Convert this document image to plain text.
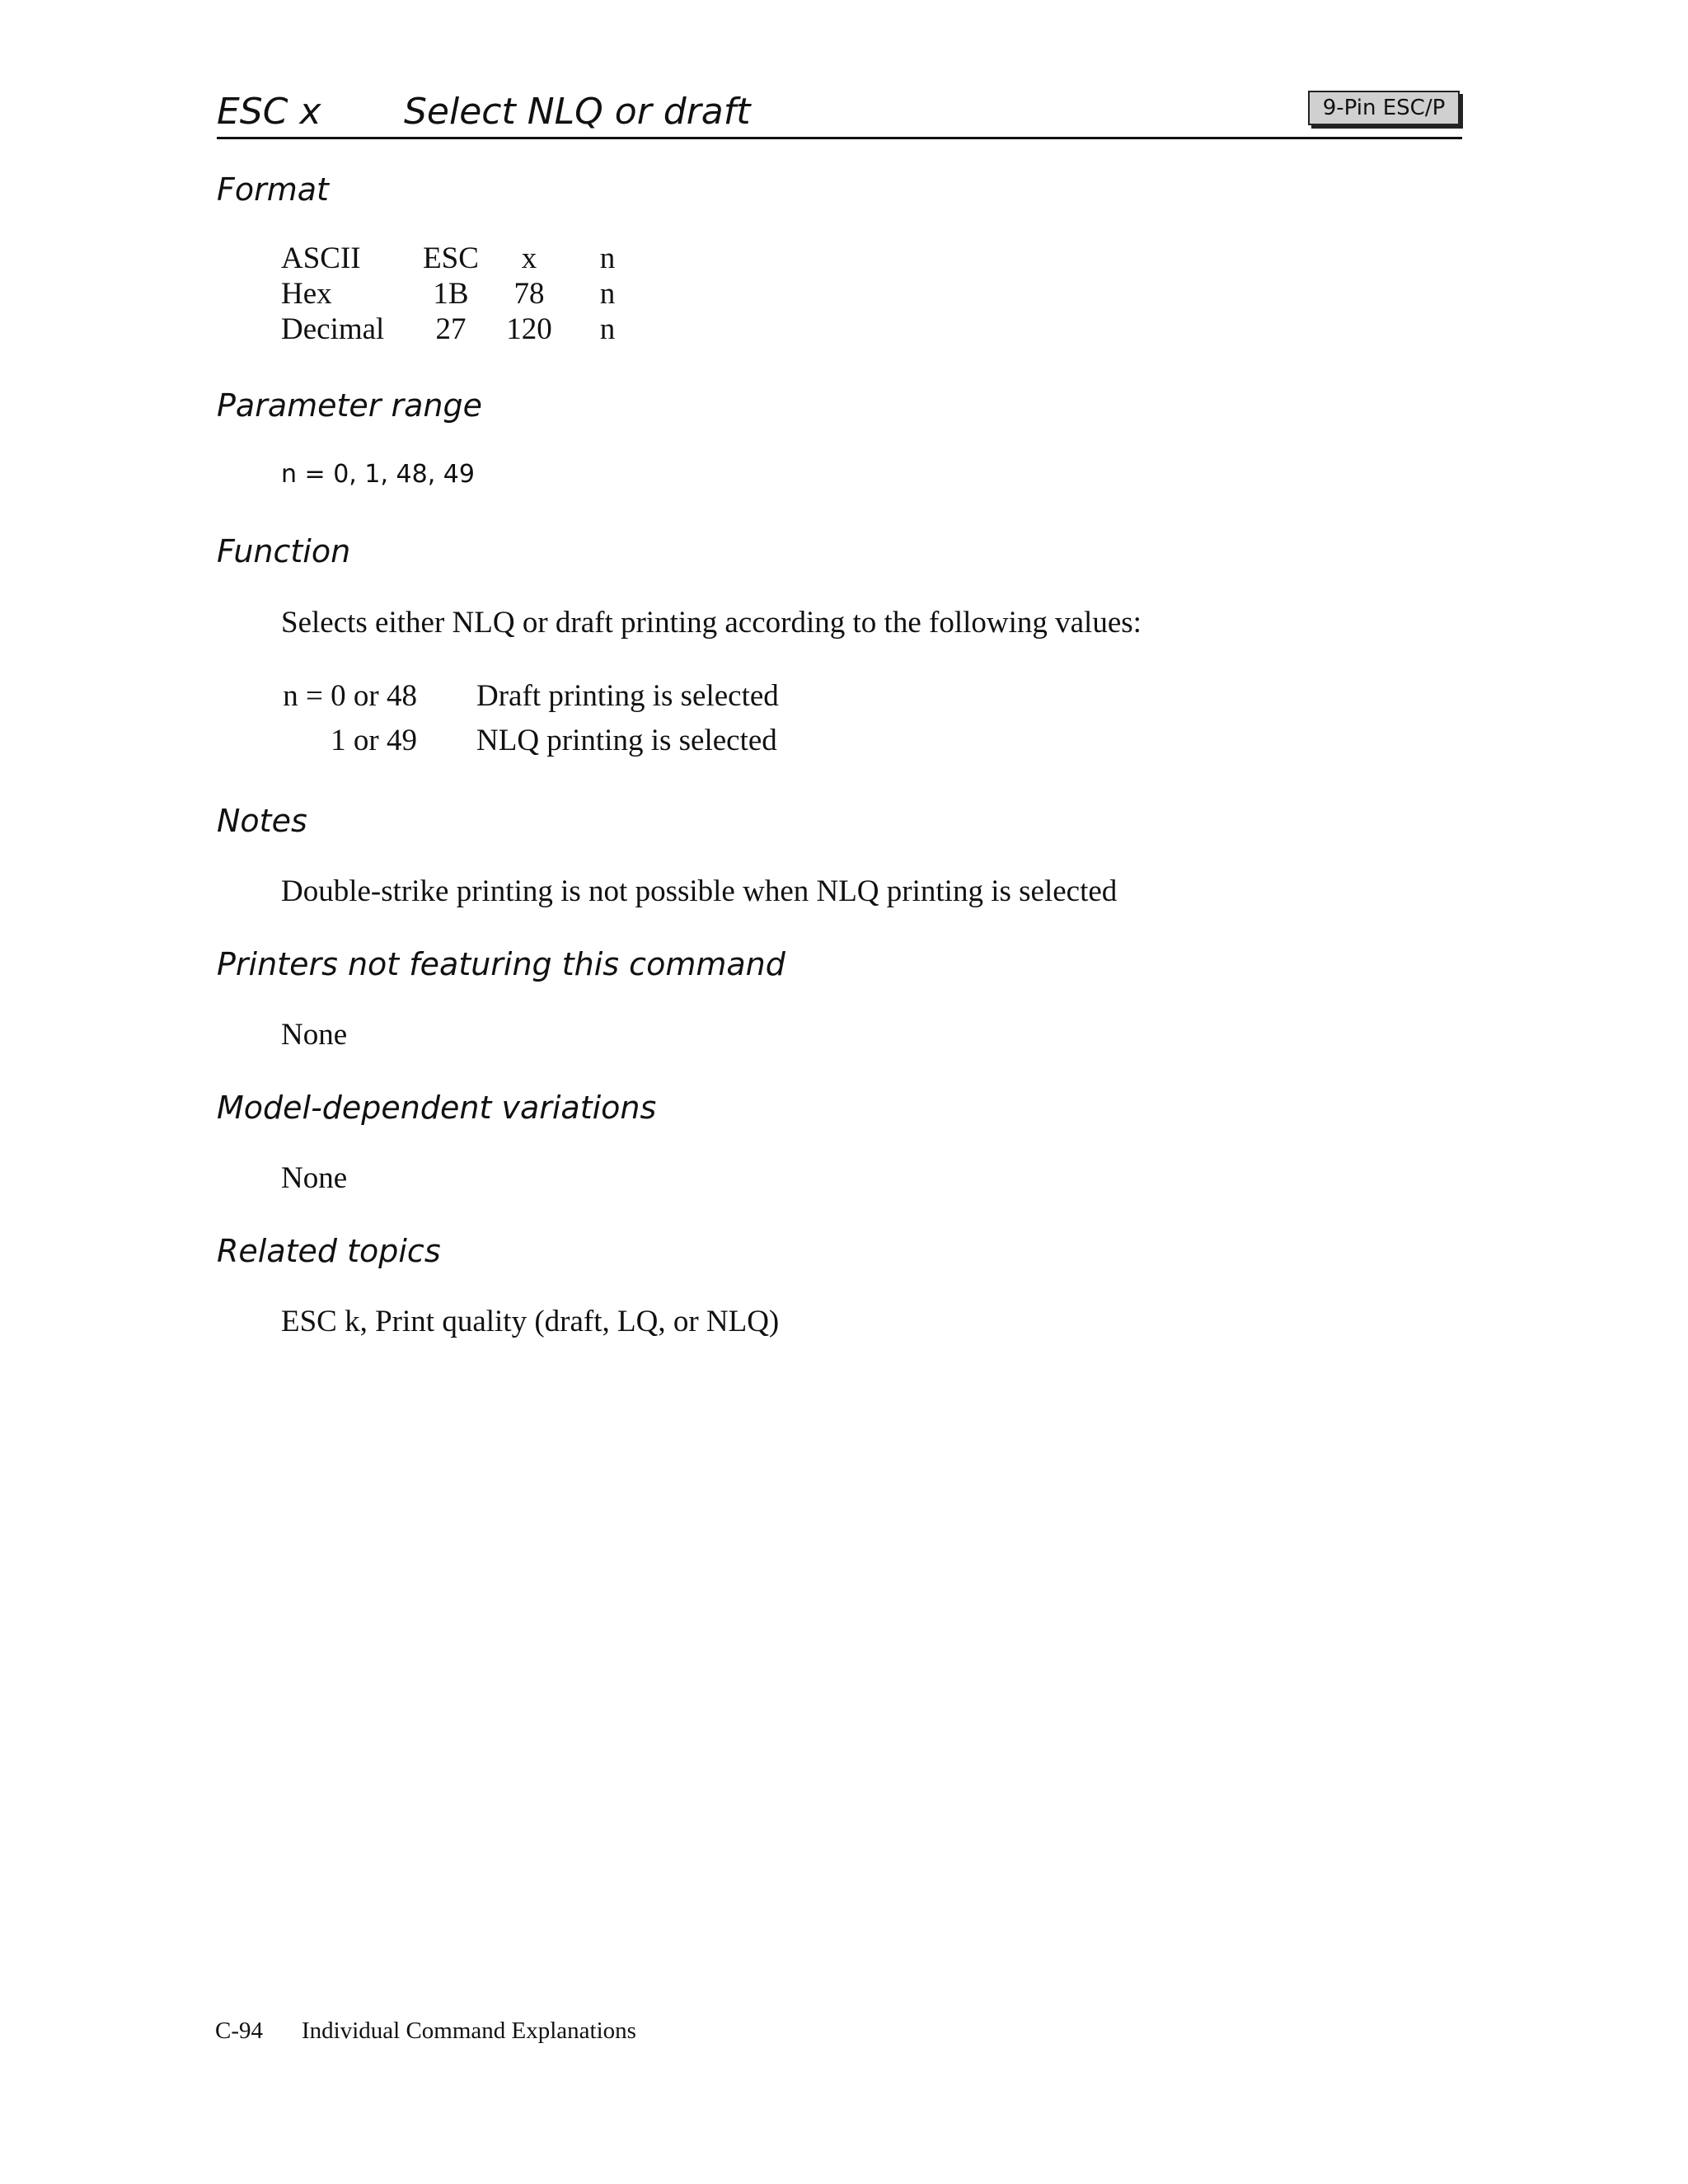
ESC x Select NLQ or draft	9-Pin ESC/P
Format
ASCII	ESC	x	n
Hex	1B	78	n
Decimal	27	120	n
Parameter range
n = 0, 1, 48, 49
Function
Selects either NLQ or draft printing according to the following values:
n = 0 or 48	Draft printing is selected
1 or 49	NLQ printing is selected
Notes
Double-strike printing is not possible when NLQ printing is selected
Printers not featuring this command
None
Model-dependent variations
None
Related topics
ESC k, Print quality (draft, LQ, or NLQ)
C-94 Individual Command Explanations
